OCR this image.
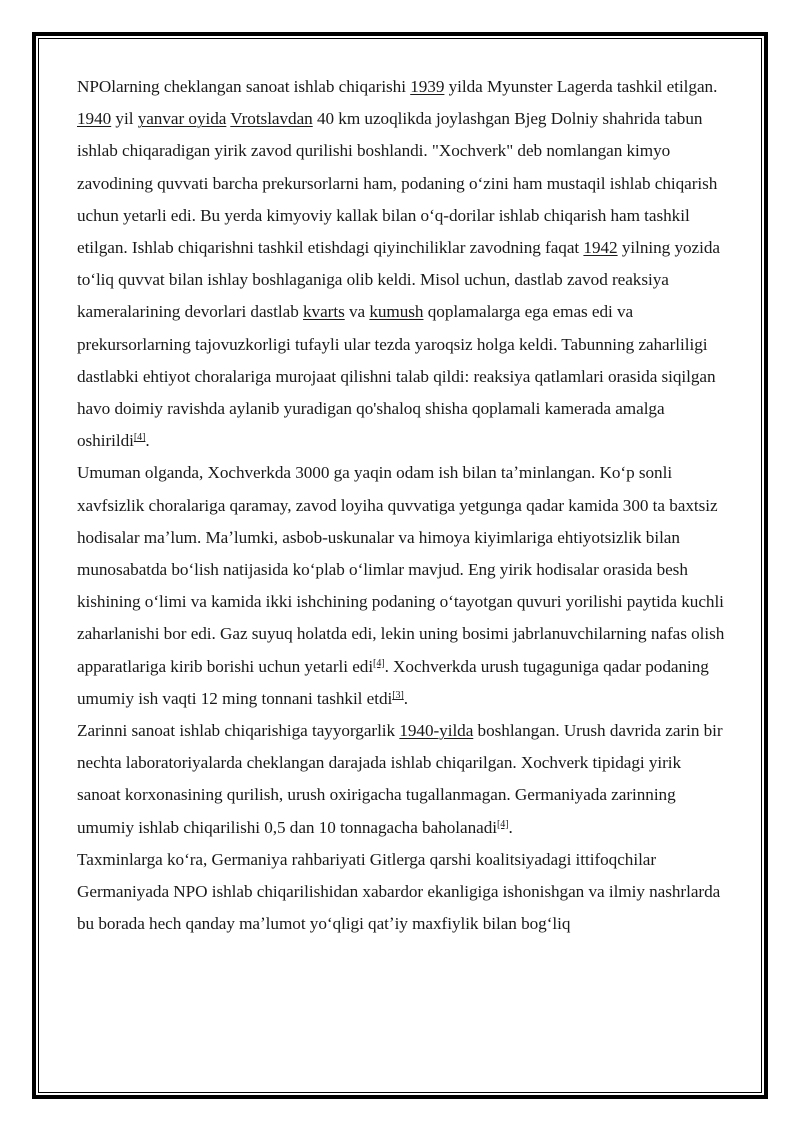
NPOlarning cheklangan sanoat ishlab chiqarishi 1939 yilda Myunster Lagerda tashkil etilgan. 1940 yil yanvar oyida Vrotslavdan 40 km uzoqlikda joylashgan Bjeg Dolniy shahrida tabun ishlab chiqaradigan yirik zavod qurilishi boshlandi. "Xochverk" deb nomlangan kimyo zavodining quvvati barcha prekursorlarni ham, podaning oʻzini ham mustaqil ishlab chiqarish uchun yetarli edi. Bu yerda kimyoviy kallak bilan oʻq-dorilar ishlab chiqarish ham tashkil etilgan. Ishlab chiqarishni tashkil etishdagi qiyinchiliklar zavodning faqat 1942 yilning yozida toʻliq quvvat bilan ishlay boshlaganiga olib keldi. Misol uchun, dastlab zavod reaksiya kameralarining devorlari dastlab kvarts va kumush qoplamalarga ega emas edi va prekursorlarning tajovuzkorligi tufayli ular tezda yaroqsiz holga keldi. Tabunning zaharliligi dastlabki ehtiyot choralariga murojaat qilishni talab qildi: reaksiya qatlamlari orasida siqilgan havo doimiy ravishda aylanib yuradigan qo'shaloq shisha qoplamali kamerada amalga oshirildi[4].

Umuman olganda, Xochverkda 3000 ga yaqin odam ish bilan taʼminlangan. Koʻp sonli xavfsizlik choralariga qaramay, zavod loyiha quvvatiga yetgunga qadar kamida 300 ta baxtsiz hodisalar maʼlum. Maʼlumki, asbob-uskunalar va himoya kiyimlariga ehtiyotsizlik bilan munosabatda boʻlish natijasida koʻplab oʻlimlar mavjud. Eng yirik hodisalar orasida besh kishining oʻlimi va kamida ikki ishchining podaning oʻtayotgan quvuri yorilishi paytida kuchli zaharlanishi bor edi. Gaz suyuq holatda edi, lekin uning bosimi jabrlanuvchilarning nafas olish apparatlariga kirib borishi uchun yetarli edi[4]. Xochverkda urush tugaguniga qadar podaning umumiy ish vaqti 12 ming tonnani tashkil etdi[3].

Zarinni sanoat ishlab chiqarishiga tayyorgarlik 1940-yilda boshlangan. Urush davrida zarin bir nechta laboratoriyalarda cheklangan darajada ishlab chiqarilgan. Xochverk tipidagi yirik sanoat korxonasining qurilish, urush oxirigacha tugallanmagan. Germaniyada zarinning umumiy ishlab chiqarilishi 0,5 dan 10 tonnagacha baholanadi[4].

Taxminlarga koʻra, Germaniya rahbariyati Gitlerga qarshi koalitsiyadagi ittifoqchilar Germaniyada NPO ishlab chiqarilishidan xabardor ekanligiga ishonishgan va ilmiy nashrlarda bu borada hech qanday maʼlumot yoʻqligi qatʼiy maxfiylik bilan bogʻliq
